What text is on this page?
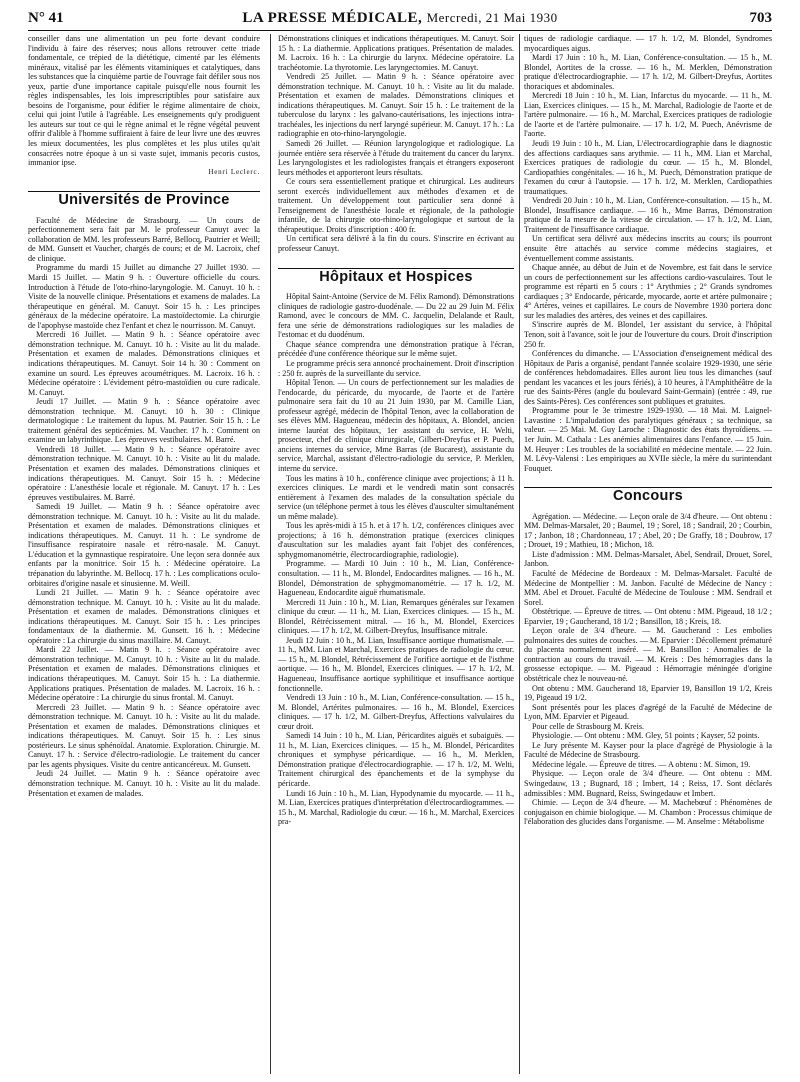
N° 41	LA PRESSE MÉDICALE, Mercredi, 21 Mai 1930	703

conseiller dans une alimentation un peu forte devant conduire l'individu à faire des réserves; nous allons retrouver cette triade fondamentale, ce trépied de la diététique, cimenté par les éléments minéraux, vitalisé par les éléments vitaminiques et catalytiques, dans les substances que la cinquième partie de l'ouvrage fait défiler sous nos yeux, partie d'une importance capitale puisqu'elle nous fournit les règles indispensables, les lois imprescriptibles pour satisfaire aux besoins de l'organisme, pour édifier le régime alimentaire de choix, celui qui joint l'utile à l'agréable. Les enseignements qu'y prodiguent les auteurs sur tout ce qui le règne animal et le règne végétal peuvent offrir d'alible à l'homme suffiraient à faire de leur livre une des œuvres les mieux documentées, les plus complètes et les plus utiles qu'ait consacrées notre époque à un si vaste sujet, immanis pecoris custos, immanior ipse.

Henri Leclerc.

Universités de Province

Faculté de Médecine de Strasbourg. — Un cours de perfectionnement sera fait par M. le professeur Canuyt avec la collaboration de MM. les professeurs Barré, Bellocq, Pautrier et Weill; de MM. Gunsett et Vaucher, chargés de cours; et de M. Lacroix, chef de clinique.

Programme du mardi 15 Juillet au dimanche 27 Juillet 1930. — Mardi 15 Juillet. — Matin 9 h. : Ouverture officielle du cours. Introduction à l'étude de l'oto-rhino-laryngologie. M. Canuyt. 10 h. : Visite de la nouvelle clinique. Présentations et examens de malades. La thérapeutique en général. M. Canuyt. Soir 15 h. : Les principes généraux de la médecine opératoire. La mastoïdectomie. La chirurgie de l'apophyse mastoïde chez l'enfant et chez le nourrisson. M. Canuyt.

Mercredi 16 Juillet. — Matin 9 h. : Séance opératoire avec démonstration technique. M. Canuyt. 10 h. : Visite au lit du malade. Présentation et examen de malades. Démonstrations cliniques et indications thérapeutiques. M. Canuyt. Soir 14 h. 30 : Comment on examine un sourd. Les épreuves acoumétriques. M. Lacroix. 16 h. : Médecine opératoire : L'évidement pétro-mastoïdien ou cure radicale. M. Canuyt.

Jeudi 17 Juillet. — Matin 9 h. : Séance opératoire avec démonstration technique. M. Canuyt. 10 h. 30 : Clinique dermatologique : Le traitement du lupus. M. Pautrier. Soir 15 h. : Le traitement général des septicémies. M. Vaucher. 17 h. : Comment on examine un labyrinthique. Les épreuves vestibulaires. M. Barré.

Vendredi 18 Juillet. — Matin 9 h. : Séance opératoire avec démonstration technique. M. Canuyt. 10 h. : Visite au lit du malade. Présentation et examen des malades. Démonstrations cliniques et indications thérapeutiques. M. Canuyt. Soir 15 h. : Médecine opératoire : L'anesthésie locale et régionale. M. Canuyt. 17 h. : Les épreuves vestibulaires. M. Barré.

Samedi 19 Juillet. — Matin 9 h. : Séance opératoire avec démonstration technique. M. Canuyt. 10 h. : Visite au lit du malade. Présentation et examen de malades. Démonstrations cliniques et indications thérapeutiques. M. Canuyt. 11 h. : Le syndrome de l'insuffisance respiratoire nasale et rétro-nasale. M. Canuyt. L'éducation et la gymnastique respiratoire. Une leçon sera donnée aux enfants par la monitrice. Soir 15 h. : Médecine opératoire. La trépanation du labyrinthe. M. Bellocq. 17 h. : Les complications oculo-orbitaires d'origine nasale et sinusienne. M. Weill.

Lundi 21 Juillet. — Matin 9 h. : Séance opératoire avec démonstration technique. M. Canuyt. 10 h. : Visite au lit du malade. Présentation et examen de malades. Démonstrations cliniques et indications thérapeutiques. M. Canuyt. Soir 15 h. : Les principes fondamentaux de la diathermie. M. Gunsett. 16 h. : Médecine opératoire : La chirurgie du sinus maxillaire. M. Canuyt.

Mardi 22 Juillet. — Matin 9 h. : Séance opératoire avec démonstration technique. M. Canuyt. 10 h. : Visite au lit du malade. Présentation et examen de malades. Démonstrations cliniques et indications thérapeutiques. M. Canuyt. Soir 15 h. : La diathermie. Applications pratiques. Présentation de malades. M. Lacroix. 16 h. : Médecine opératoire : La chirurgie du sinus frontal. M. Canuyt.

Mercredi 23 Juillet. — Matin 9 h. : Séance opératoire avec démonstration technique. M. Canuyt. 10 h. : Visite au lit du malade. Présentation et examen de malades. Démonstrations cliniques et indications thérapeutiques. M. Canuyt. Soir 15 h. : Les sinus postérieurs. Le sinus sphénoïdal. Anatomie. Exploration. Chirurgie. M. Canuyt. 17 h. : Service d'électro-radiologie. Le traitement du cancer par les agents physiques. Visite du centre anticancéreux. M. Gunsett.

Jeudi 24 Juillet. — Matin 9 h. : Séance opératoire avec démonstration technique. M. Canuyt. 10 h. : Visite au lit du malade. Présentation et examen de malades.

Démonstrations cliniques et indications thérapeutiques. M. Canuyt. Soir 15 h. : La diathermie. Applications pratiques. Présentation de malades. M. Lacroix. 16 h. : La chirurgie du larynx. Médecine opératoire. La trachéotomie. La thyrotomie. Les laryngectomies. M. Canuyt.

Vendredi 25 Juillet. — Matin 9 h. : Séance opératoire avec démonstration technique. M. Canuyt. 10 h. : Visite au lit du malade. Présentation et examen de malades. Démonstrations cliniques et indications thérapeutiques. M. Canuyt. Soir 15 h. : Le traitement de la tuberculose du larynx : les galvano-cautérisations, les injections intra-trachéales, les injections du nerf laryngé supérieur. M. Canuyt. 17 h. : La radiographie en oto-rhino-laryngologie.

Samedi 26 Juillet. — Réunion laryngologique et radiologique. La journée entière sera réservée à l'étude du traitement du cancer du larynx. Les laryngologistes et les radiologistes français et étrangers exposeront leurs méthodes et apporteront leurs résultats.

Ce cours sera essentiellement pratique et chirurgical. Les auditeurs seront exercés individuellement aux méthodes d'examen et de traitement. Un développement tout particulier sera donné à l'enseignement de l'anesthésie locale et régionale, de la pathologie infantile, de la chirurgie oto-rhino-laryngologique et surtout de la thérapeutique. Droits d'inscription : 400 fr.

Un certificat sera délivré à la fin du cours. S'inscrire en écrivant au professeur Canuyt.

Hôpitaux et Hospices

Hôpital Saint-Antoine (Service de M. Félix Ramond). Démonstrations cliniques de radiologie gastro-duodénale. — Du 22 au 29 Juin M. Félix Ramond, avec le concours de MM. C. Jacquelin, Delalande et Rault, fera une série de démonstrations radiologiques sur les maladies de l'estomac et du duodénum.

Chaque séance comprendra une démonstration pratique à l'écran, précédée d'une conférence théorique sur le même sujet.

Le programme précis sera annoncé prochainement. Droit d'inscription : 250 fr. auprès de la surveillante du service.

Hôpital Tenon. — Un cours de perfectionnement sur les maladies de l'endocarde, du péricarde, du myocarde, de l'aorte et de l'artère pulmonaire sera fait du 10 au 21 Juin 1930, par M. Camille Lian, professeur agrégé, médecin de l'hôpital Tenon, avec la collaboration de ses élèves MM. Hagueneau, médecin des hôpitaux, A. Blondel, ancien interne lauréat des hôpitaux, 1er assistant du service, H. Welti, prosecteur, chef de clinique chirurgicale, Gilbert-Dreyfus et P. Puech, anciens internes du service, Mme Barras (de Bucarest), assistante du service, Marchal, assistant d'électro-radiologie du service, P. Merklen, interne du service.

Tous les matins à 10 h., conférence clinique avec projections; à 11 h. exercices cliniques. Le mardi et le vendredi matin sont consacrés entièrement à l'examen des malades de la consultation spéciale du service (un téléphone permet à tous les élèves d'ausculter simultanément un même malade).

Tous les après-midi à 15 h. et à 17 h. 1/2, conférences cliniques avec projections; à 16 h. démonstration pratique (exercices cliniques d'auscultation sur les maladies ayant fait l'objet des conférences, sphygmomanométrie, électrocardiographie, radiologie).

Programme. — Mardi 10 Juin : 10 h., M. Lian, Conférence-consultation. — 11 h., M. Blondel, Endocardites malignes. — 16 h., M. Blondel, Démonstration de sphygmomanométrie. — 17 h. 1/2, M. Hagueneau, Endocardite aiguë rhumatismale.

Mercredi 11 Juin : 10 h., M. Lian, Remarques générales sur l'examen clinique du cœur. — 11 h., M. Lian, Exercices cliniques. — 15 h., M. Blondel, Rétrécissement mitral. — 16 h., M. Blondel, Exercices cliniques. — 17 h. 1/2, M. Gilbert-Dreyfus, Insuffisance mitrale.

Jeudi 12 Juin : 10 h., M. Lian, Insuffisance aortique rhumatismale. — 11 h., MM. Lian et Marchal, Exercices pratiques de radiologie du cœur. — 15 h., M. Blondel, Rétrécissement de l'orifice aortique et de l'isthme aortique. — 16 h., M. Blondel, Exercices cliniques. — 17 h. 1/2, M. Hagueneau, Insuffisance aortique syphilitique et insuffisance aortique fonctionnelle.

Vendredi 13 Juin : 10 h., M. Lian, Conférence-consultation. — 15 h., M. Blondel, Artérites pulmonaires. — 16 h., M. Blondel, Exercices cliniques. — 17 h. 1/2, M. Gilbert-Dreyfus, Affections valvulaires du cœur droit.

Samedi 14 Juin : 10 h., M. Lian, Péricardites aiguës et subaiguës. — 11 h., M. Lian, Exercices cliniques. — 15 h., M. Blondel, Péricardites chroniques et symphyse péricardique. — 16 h., M. Merklen, Démonstration pratique d'électrocardiographie. — 17 h. 1/2, M. Welti, Traitement chirurgical des épanchements et de la symphyse du péricarde.

Lundi 16 Juin : 10 h., M. Lian, Hypodynamie du myocarde. — 11 h., M. Lian, Exercices pratiques d'interprétation d'électrocardiogrammes. — 15 h., M. Marchal, Radiologie du cœur. — 16 h., M. Marchal, Exercices pra-

tiques de radiologie cardiaque. — 17 h. 1/2, M. Blondel, Syndromes myocardiques aigus.

Mardi 17 Juin : 10 h., M. Lian, Conférence-consultation. — 15 h., M. Blondel, Aortites de la crosse. — 16 h., M. Merklen, Démonstration pratique d'électrocardiographie. — 17 h. 1/2, M. Gilbert-Dreyfus, Aortites thoraciques et abdominales.

Mercredi 18 Juin : 10 h., M. Lian, Infarctus du myocarde. — 11 h., M. Lian, Exercices cliniques. — 15 h., M. Marchal, Radiologie de l'aorte et de l'artère pulmonaire. — 16 h., M. Marchal, Exercices pratiques de radiologie de l'aorte et de l'artère pulmonaire. — 17 h. 1/2, M. Puech, Anévrisme de l'aorte.

Jeudi 19 Juin : 10 h., M. Lian, L'électrocardiographie dans le diagnostic des affections cardiaques sans arythmie. — 11 h., MM. Lian et Marchal, Exercices pratiques de radiologie du cœur. — 15 h., M. Blondel, Cardiopathies congénitales. — 16 h., M. Puech, Démonstration pratique de l'examen du cœur à l'autopsie. — 17 h. 1/2, M. Merklen, Cardiopathies traumatiques.

Vendredi 20 Juin : 10 h., M. Lian, Conférence-consultation. — 15 h., M. Blondel, Insuffisance cardiaque. — 16 h., Mme Barras, Démonstration pratique de la mesure de la vitesse de circulation. — 17 h. 1/2, M. Lian, Traitement de l'insuffisance cardiaque.

Un certificat sera délivré aux médecins inscrits au cours; ils pourront ensuite être attachés au service comme médecins stagiaires, et éventuellement comme assistants.

Chaque année, au début de Juin et de Novembre, est fait dans le service un cours de perfectionnement sur les affections cardio-vasculaires. Tout le programme est réparti en 5 cours : 1° Arythmies ; 2° Grands syndromes cardiaques ; 3° Endocarde, péricarde, myocarde, aorte et artère pulmonaire ; 4° Artères, veines et capillaires. Le cours de Novembre 1930 portera donc sur les maladies des artères, des veines et des capillaires.

S'inscrire auprès de M. Blondel, 1er assistant du service, à l'hôpital Tenon, soit à l'avance, soit le jour de l'ouverture du cours. Droit d'inscription 250 fr.

Conférences du dimanche. — L'Association d'enseignement médical des Hôpitaux de Paris a organisé, pendant l'année scolaire 1929-1930, une série de conférences hebdomadaires. Elles auront lieu tous les dimanches (sauf pendant les vacances et les jours fériés), à 10 heures, à l'Amphithéâtre de la rue des Saints-Pères (angle du boulevard Saint-Germain) (entrée : 49, rue des Saints-Pères). Ces conférences sont publiques et gratuites.

Programme pour le 3e trimestre 1929-1930. — 18 Mai. M. Laignel-Lavastine : L'impaludation des paralytiques généraux ; sa technique, sa valeur. — 25 Mai. M. Guy Laroche : Diagnostic des états thyroïdiens. — 1er Juin. M. Cathala : Les anémies alimentaires dans l'enfance. — 15 Juin. M. Heuyer : Les troubles de la sociabilité en médecine mentale. — 22 Juin. M. Lévy-Valensi : Les empiriques au XVIIe siècle, la mère du surintendant Fouquet.

Concours

Agrégation. — Médecine. — Leçon orale de 3/4 d'heure. — Ont obtenu : MM. Delmas-Marsalet, 20 ; Baumel, 19 ; Sorel, 18 ; Sandrail, 20 ; Courbin, 17 ; Janbon, 18 ; Chardonneau, 17 ; Abel, 20 ; De Graffy, 18 ; Doubrow, 17 ; Drouet, 19 ; Mathieu, 18 ; Michon, 18.

Liste d'admission : MM. Delmas-Marsalet, Abel, Sendrail, Drouet, Sorel, Janbon.

Faculté de Médecine de Bordeaux : M. Delmas-Marsalet. Faculté de Médecine de Montpellier : M. Janbon. Faculté de Médecine de Nancy : MM. Abel et Drouet. Faculté de Médecine de Toulouse : MM. Sendrail et Sorel.

Obstétrique. — Épreuve de titres. — Ont obtenu : MM. Pigeaud, 18 1/2 ; Eparvier, 19 ; Gaucherand, 18 1/2 ; Bansillon, 18 ; Kreis, 18.

Leçon orale de 3/4 d'heure. — M. Gaucherand : Les embolies pulmonaires des suites de couches. — M. Eparvier : Décollement prématuré du placenta normalement inséré. — M. Bansillon : Anomalies de la contraction au cours du travail. — M. Kreis : Des hémorragies dans la grossesse ectopique. — M. Pigeaud : Hémorragie méningée d'origine obstétricale chez le nouveau-né.

Ont obtenu : MM. Gaucherand 18, Eparvier 19, Bansillon 19 1/2, Kreis 19, Pigeaud 19 1/2.

Sont présentés pour les places d'agrégé de la Faculté de Médecine de Lyon, MM. Eparvier et Pigeaud.

Pour celle de Strasbourg M. Kreis.

Physiologie. — Ont obtenu : MM. Gley, 51 points ; Kayser, 52 points.

Le Jury présente M. Kayser pour la place d'agrégé de Physiologie à la Faculté de Médecine de Strasbourg.

Médecine légale. — Épreuve de titres. — A obtenu : M. Simon, 19.

Physique. — Leçon orale de 3/4 d'heure. — Ont obtenu : MM. Swingedauw, 13 ; Bugnard, 18 ; Imbert, 14 ; Reiss, 17. Sont déclarés admissibles : MM. Bugnard, Reiss, Swingedauw et Imbert.

Chimie. — Leçon de 3/4 d'heure. — M. Machebœuf : Phénomènes de conjugaison en chimie biologique. — M. Chambon : Processus chimique de l'élaboration des glucides dans l'organisme. — M. Anselme : Métabolisme
